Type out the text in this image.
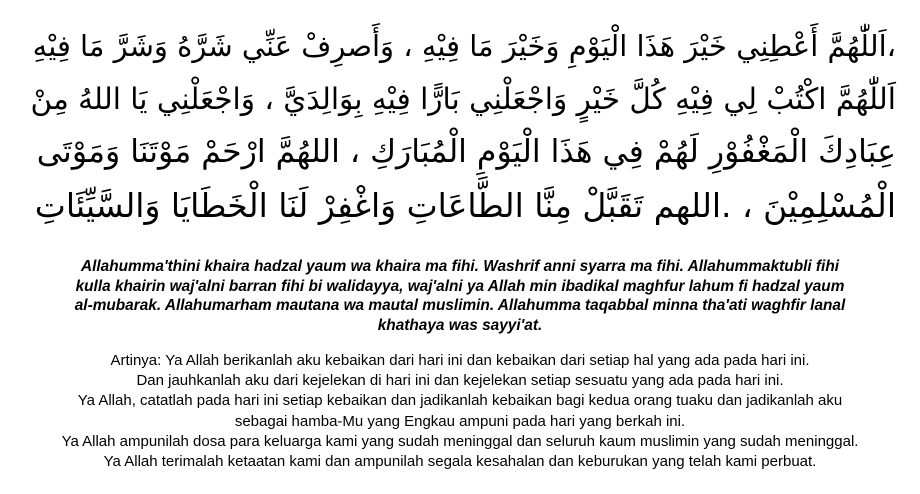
،اَللّٰهُمَّ أَعْطِنِي خَيْرَ هَذَا الْيَوْمِ وَخَيْرَ مَا فِيْهِ ، وَأَصرِفْ عَنِّي شَرَّهُ وَشَرَّ مَا فِيْهِ
اَللّٰهُمَّ اكْتُبْ لِي فِيْهِ كُلَّ خَيْرٍ وَاجْعَلْنِي بَارًّا فِيْهِ بِوَالِدَيَّ ، وَاجْعَلْنِي يَا اللهُ مِنْ
عِبَادِكَ الْمَغْفُوْرِ لَهُمْ فِي هَذَا الْيَوْمِ الْمُبَارَكِ ، اللهُمَّ ارْحَمْ مَوْتَنَا وَمَوْتَى
الْمُسْلِمِيْنَ ، .اللهم تَقَبَّلْ مِنَّا الطَّاعَاتِ وَاغْفِرْ لَنَا الْخَطَايَا وَالسَّيِّئَاتِ
Allahumma'thini khaira hadzal yaum wa khaira ma fihi. Washrif anni syarra ma fihi. Allahummaktubli fihi
kulla khairin waj'alni barran fihi bi walidayya, waj'alni ya Allah min ibadikal maghfur lahum fi hadzal yaum
al-mubarak. Allahumarham mautana wa mautal muslimin. Allahumma taqabbal minna tha'ati waghfir lanal
khathaya was sayyi'at.
Artinya: Ya Allah berikanlah aku kebaikan dari hari ini dan kebaikan dari setiap hal yang ada pada hari ini.
Dan jauhkanlah aku dari kejelekan di hari ini dan kejelekan setiap sesuatu yang ada pada hari ini.
Ya Allah, catatlah pada hari ini setiap kebaikan dan jadikanlah kebaikan bagi kedua orang tuaku dan jadikanlah aku
sebagai hamba-Mu yang Engkau ampuni pada hari yang berkah ini.
Ya Allah ampunilah dosa para keluarga kami yang sudah meninggal dan seluruh kaum muslimin yang sudah meninggal.
Ya Allah terimalah ketaatan kami dan ampunilah segala kesahalan dan keburukan yang telah kami perbuat.
